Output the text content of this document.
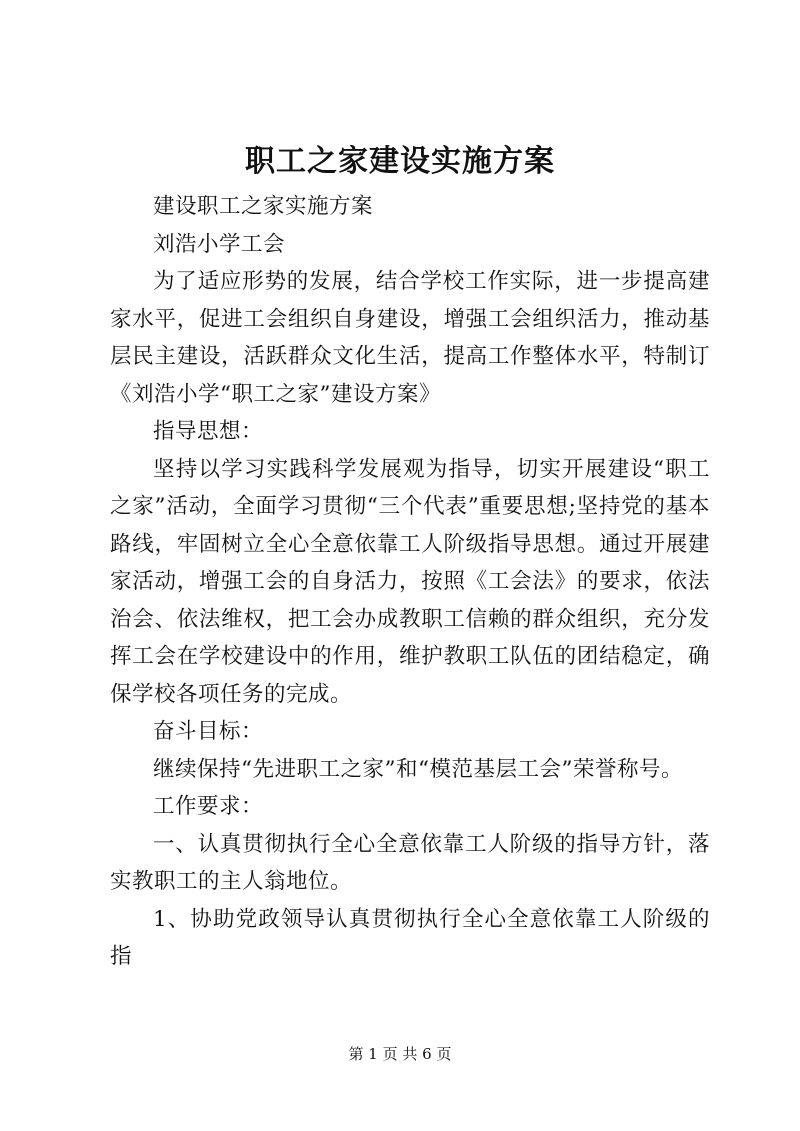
职工之家建设实施方案

建设职工之家实施方案

刘浩小学工会

为了适应形势的发展，结合学校工作实际，进一步提高建家水平，促进工会组织自身建设，增强工会组织活力，推动基层民主建设，活跃群众文化生活，提高工作整体水平，特制订《刘浩小学“职工之家”建设方案》

指导思想：

坚持以学习实践科学发展观为指导，切实开展建设“职工之家”活动，全面学习贯彻“三个代表”重要思想;坚持党的基本路线，牢固树立全心全意依靠工人阶级指导思想。通过开展建家活动，增强工会的自身活力，按照《工会法》的要求，依法治会、依法维权，把工会办成教职工信赖的群众组织，充分发挥工会在学校建设中的作用，维护教职工队伍的团结稳定，确保学校各项任务的完成。

奋斗目标：

继续保持“先进职工之家”和“模范基层工会”荣誉称号。

工作要求：

一、认真贯彻执行全心全意依靠工人阶级的指导方针，落实教职工的主人翁地位。

1、协助党政领导认真贯彻执行全心全意依靠工人阶级的指

第 1 页 共 6 页
